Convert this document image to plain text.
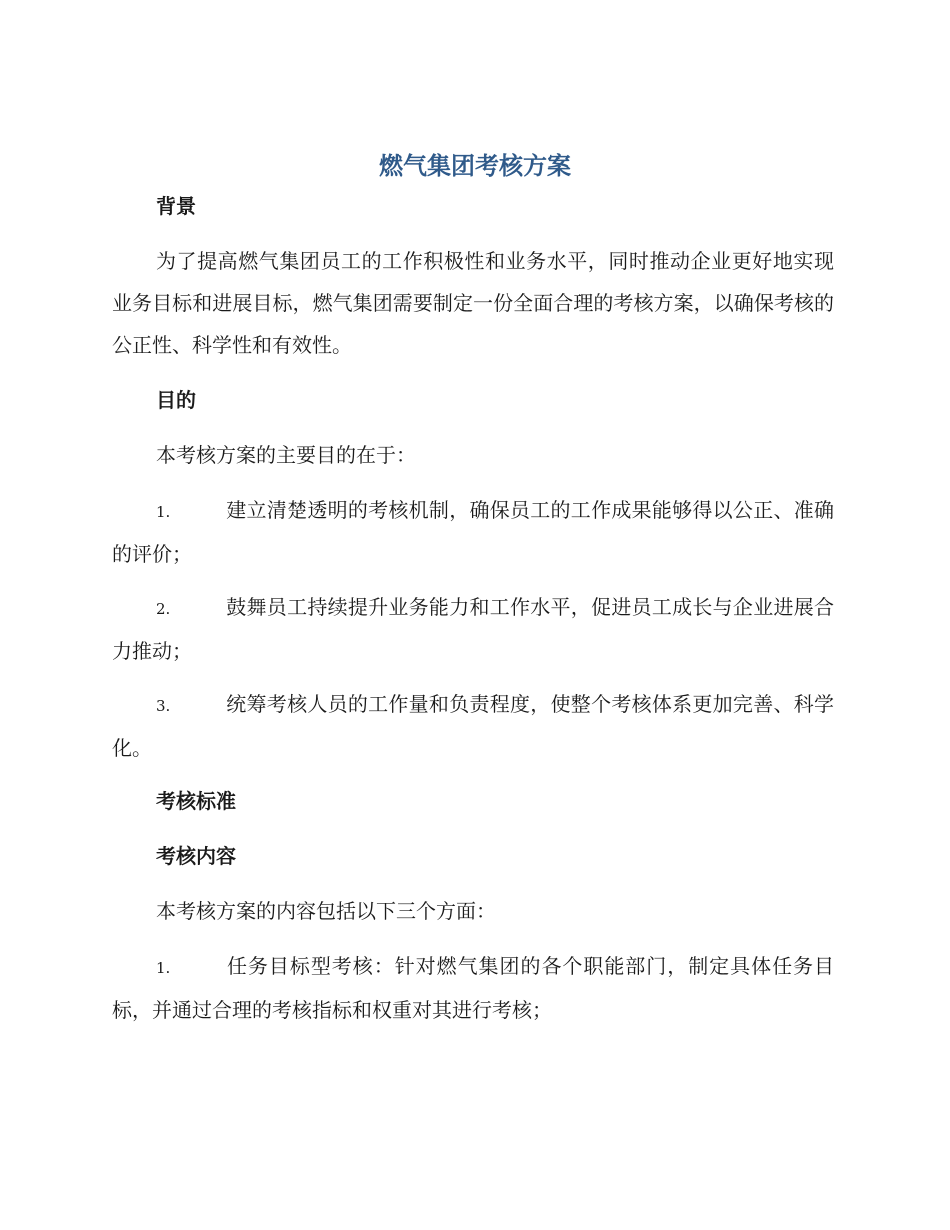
燃气集团考核方案
背景

为了提高燃气集团员工的工作积极性和业务水平，同时推动企业更好地实现业务目标和进展目标，燃气集团需要制定一份全面合理的考核方案，以确保考核的公正性、科学性和有效性。

目的

本考核方案的主要目的在于：

1.	建立清楚透明的考核机制，确保员工的工作成果能够得以公正、准确的评价；
2.	鼓舞员工持续提升业务能力和工作水平，促进员工成长与企业进展合力推动；
3.	统筹考核人员的工作量和负责程度，使整个考核体系更加完善、科学化。
考核标准
考核内容

本考核方案的内容包括以下三个方面：

1.	任务目标型考核：针对燃气集团的各个职能部门，制定具体任务目标，并通过合理的考核指标和权重对其进行考核；
